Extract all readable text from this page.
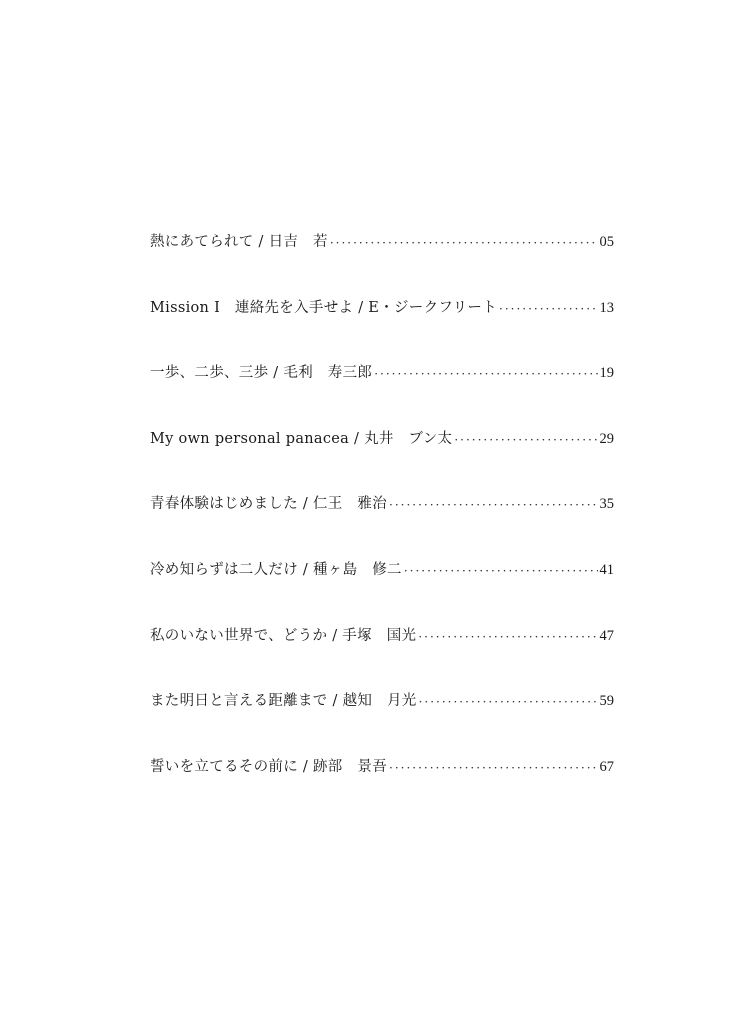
熱にあてられて / 日吉　若 ·····	05
Mission I　連絡先を入手せよ / E・ジークフリート ·····	13
一歩、二歩、三歩 / 毛利　寿三郎 ·····	19
My own personal panacea / 丸井　ブン太 ·····	29
青春体験はじめました / 仁王　雅治 ·····	35
冷め知らずは二人だけ / 種ヶ島　修二 ·····	41
私のいない世界で、どうか / 手塚　国光 ·····	47
また明日と言える距離まで / 越知　月光 ·····	59
誓いを立てるその前に / 跡部　景吾 ·····	67
